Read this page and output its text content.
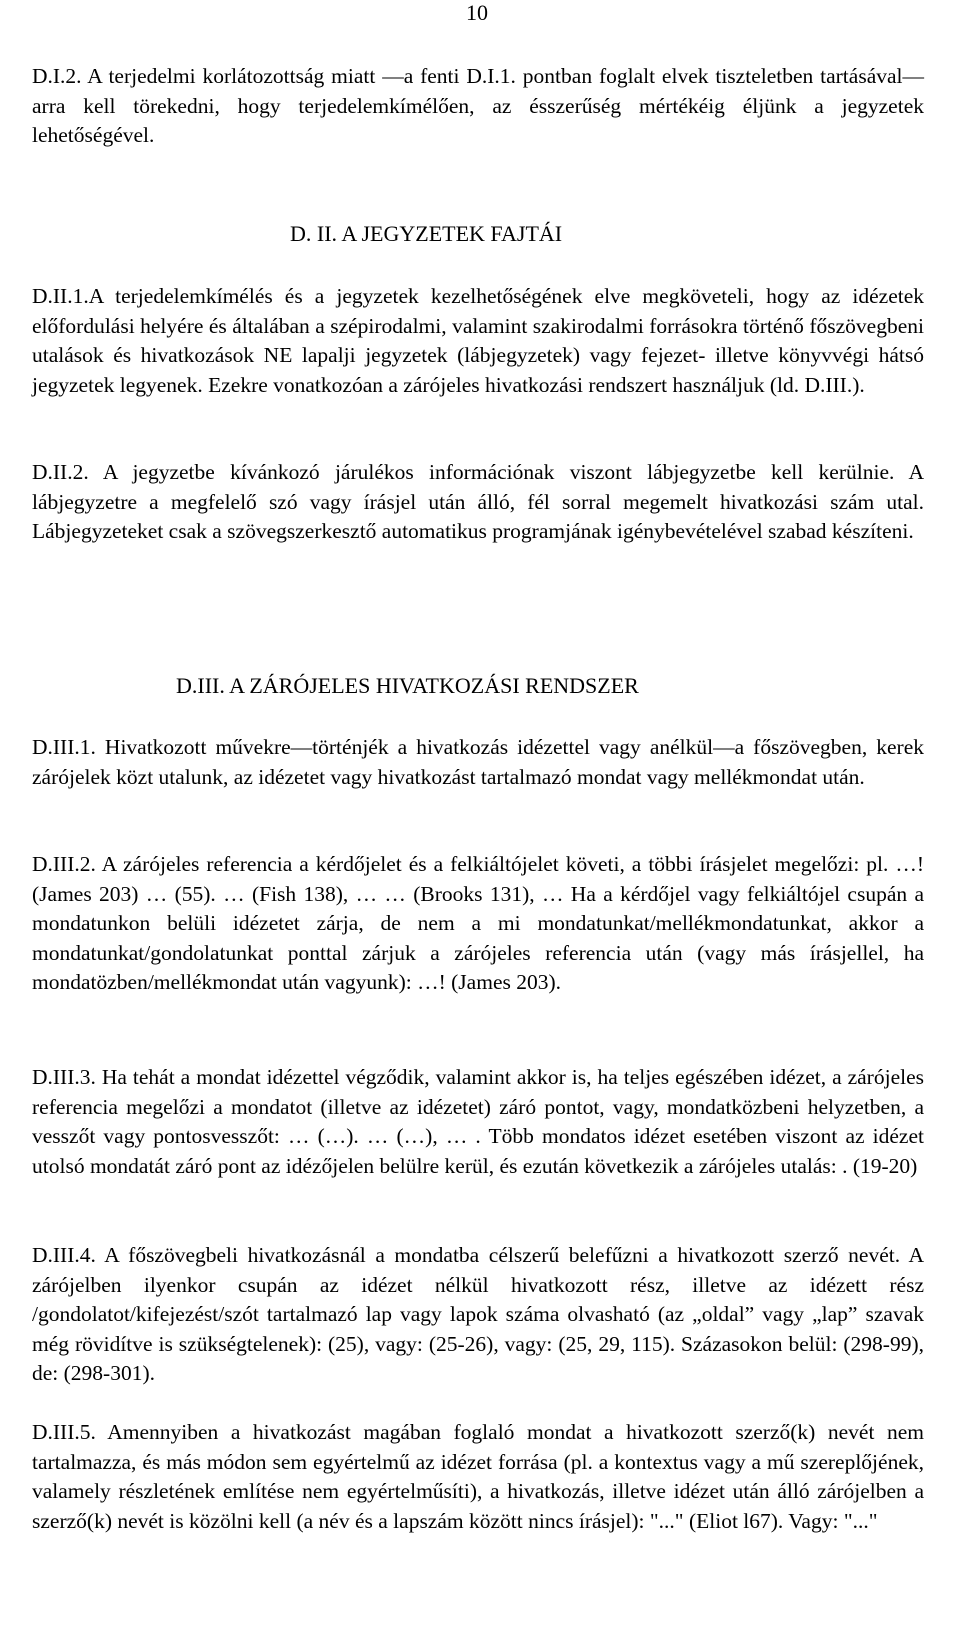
10

D.I.2. A terjedelmi korlátozottság miatt —a fenti D.I.1. pontban foglalt elvek tiszteletben tartásával—arra kell törekedni, hogy terjedelemkímélően, az ésszerűség mértékéig éljünk a jegyzetek lehetőségével.

D. II. A JEGYZETEK FAJTÁI

D.II.1.A terjedelemkímélés és a jegyzetek kezelhetőségének elve megköveteli, hogy az idézetek előfordulási helyére és általában a szépirodalmi, valamint szakirodalmi forrásokra történő főszövegbeni utalások és hivatkozások NE lapalji jegyzetek (lábjegyzetek) vagy fejezet- illetve könyvvégi hátsó jegyzetek legyenek. Ezekre vonatkozóan a zárójeles hivatkozási rendszert használjuk (ld. D.III.).

D.II.2. A jegyzetbe kívánkozó járulékos információnak viszont lábjegyzetbe kell kerülnie. A lábjegyzetre a megfelelő szó vagy írásjel után álló, fél sorral megemelt hivatkozási szám utal. Lábjegyzeteket csak a szövegszerkesztő automatikus programjának igénybevételével szabad készíteni.

D.III. A ZÁRÓJELES HIVATKOZÁSI RENDSZER

D.III.1. Hivatkozott művekre—történjék a hivatkozás idézettel vagy anélkül—a főszövegben, kerek zárójelek közt utalunk, az idézetet vagy hivatkozást tartalmazó mondat vagy mellékmondat után.

D.III.2. A zárójeles referencia a kérdőjelet és a felkiáltójelet követi, a többi írásjelet megelőzi: pl. …! (James 203) … (55). … (Fish 138), … … (Brooks 131), … Ha a kérdőjel vagy felkiáltójel csupán a mondatunkon belüli idézetet zárja, de nem a mi mondatunkat/mellékmondatunkat, akkor a mondatunkat/gondolatunkat ponttal zárjuk a zárójeles referencia után (vagy más írásjellel, ha mondatözben/mellékmondat után vagyunk): …! (James 203).

D.III.3. Ha tehát a mondat idézettel végződik, valamint akkor is, ha teljes egészében idézet, a zárójeles referencia megelőzi a mondatot (illetve az idézetet) záró pontot, vagy, mondatközbeni helyzetben, a vesszőt vagy pontosvesszőt: … (…). … (…), … . Több mondatos idézet esetében viszont az idézet utolsó mondatát záró pont az idézőjelen belülre kerül, és ezután következik a zárójeles utalás: . (19-20)

D.III.4. A főszövegbeli hivatkozásnál a mondatba célszerű belefűzni a hivatkozott szerző nevét. A zárójelben ilyenkor csupán az idézet nélkül hivatkozott rész, illetve az idézett rész /gondolatot/kifejezést/szót tartalmazó lap vagy lapok száma olvasható (az „oldal” vagy „lap” szavak még rövidítve is szükségtelenek): (25), vagy: (25-26), vagy: (25, 29, 115). Százasokon belül: (298-99), de: (298-301).

D.III.5. Amennyiben a hivatkozást magában foglaló mondat a hivatkozott szerző(k) nevét nem tartalmazza, és más módon sem egyértelmű az idézet forrása (pl. a kontextus vagy a mű szereplőjének, valamely részletének említése nem egyértelműsíti), a hivatkozás, illetve idézet után álló zárójelben a szerző(k) nevét is közölni kell (a név és a lapszám között nincs írásjel): "..." (Eliot l67). Vagy: "..."
